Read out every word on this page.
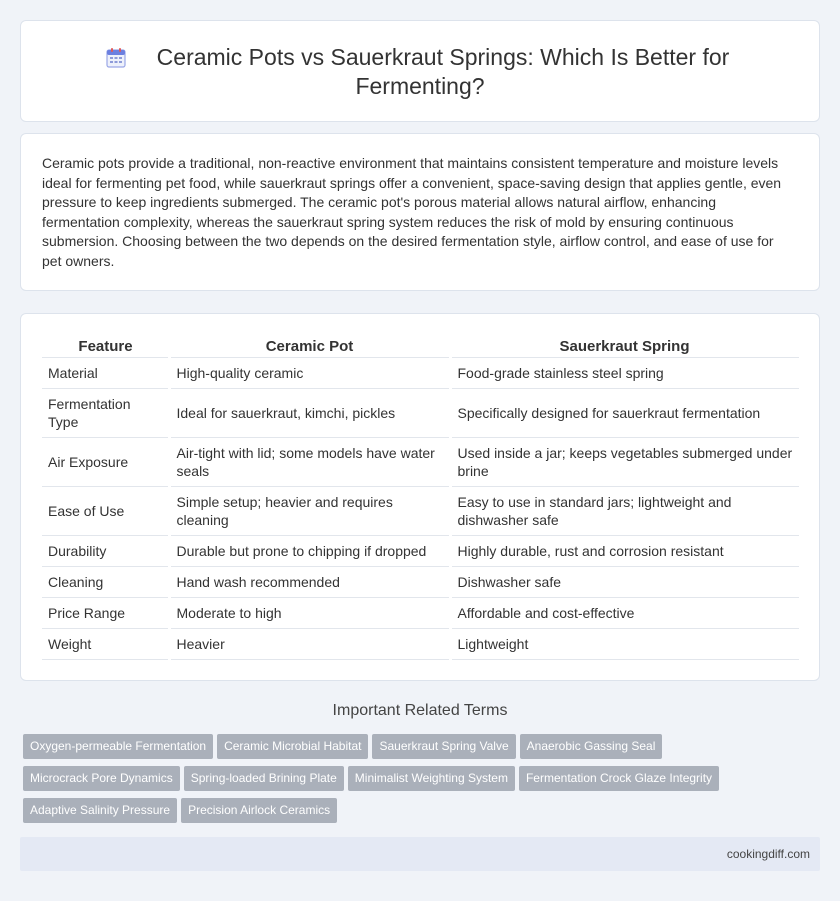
Ceramic Pots vs Sauerkraut Springs: Which Is Better for
Fermenting?

Ceramic pots provide a traditional, non-reactive environment that maintains consistent temperature and moisture levels ideal for fermenting pet food, while sauerkraut springs offer a convenient, space-saving design that applies gentle, even pressure to keep ingredients submerged. The ceramic pot's porous material allows natural airflow, enhancing fermentation complexity, whereas the sauerkraut spring system reduces the risk of mold by ensuring continuous submersion. Choosing between the two depends on the desired fermentation style, airflow control, and ease of use for pet owners.

Feature	Ceramic Pot	Sauerkraut Spring
Material	High-quality ceramic	Food-grade stainless steel spring
Fermentation Type	Ideal for sauerkraut, kimchi, pickles	Specifically designed for sauerkraut fermentation
Air Exposure	Air-tight with lid; some models have water seals	Used inside a jar; keeps vegetables submerged under brine
Ease of Use	Simple setup; heavier and requires cleaning	Easy to use in standard jars; lightweight and dishwasher safe
Durability	Durable but prone to chipping if dropped	Highly durable, rust and corrosion resistant
Cleaning	Hand wash recommended	Dishwasher safe
Price Range	Moderate to high	Affordable and cost-effective
Weight	Heavier	Lightweight
Important Related Terms
Oxygen-permeable Fermentation Ceramic Microbial Habitat Sauerkraut Spring Valve Anaerobic Gassing Seal
Microcrack Pore Dynamics Spring-loaded Brining Plate Minimalist Weighting System Fermentation Crock Glaze Integrity
Adaptive Salinity Pressure Precision Airlock Ceramics
cookingdiff.com
